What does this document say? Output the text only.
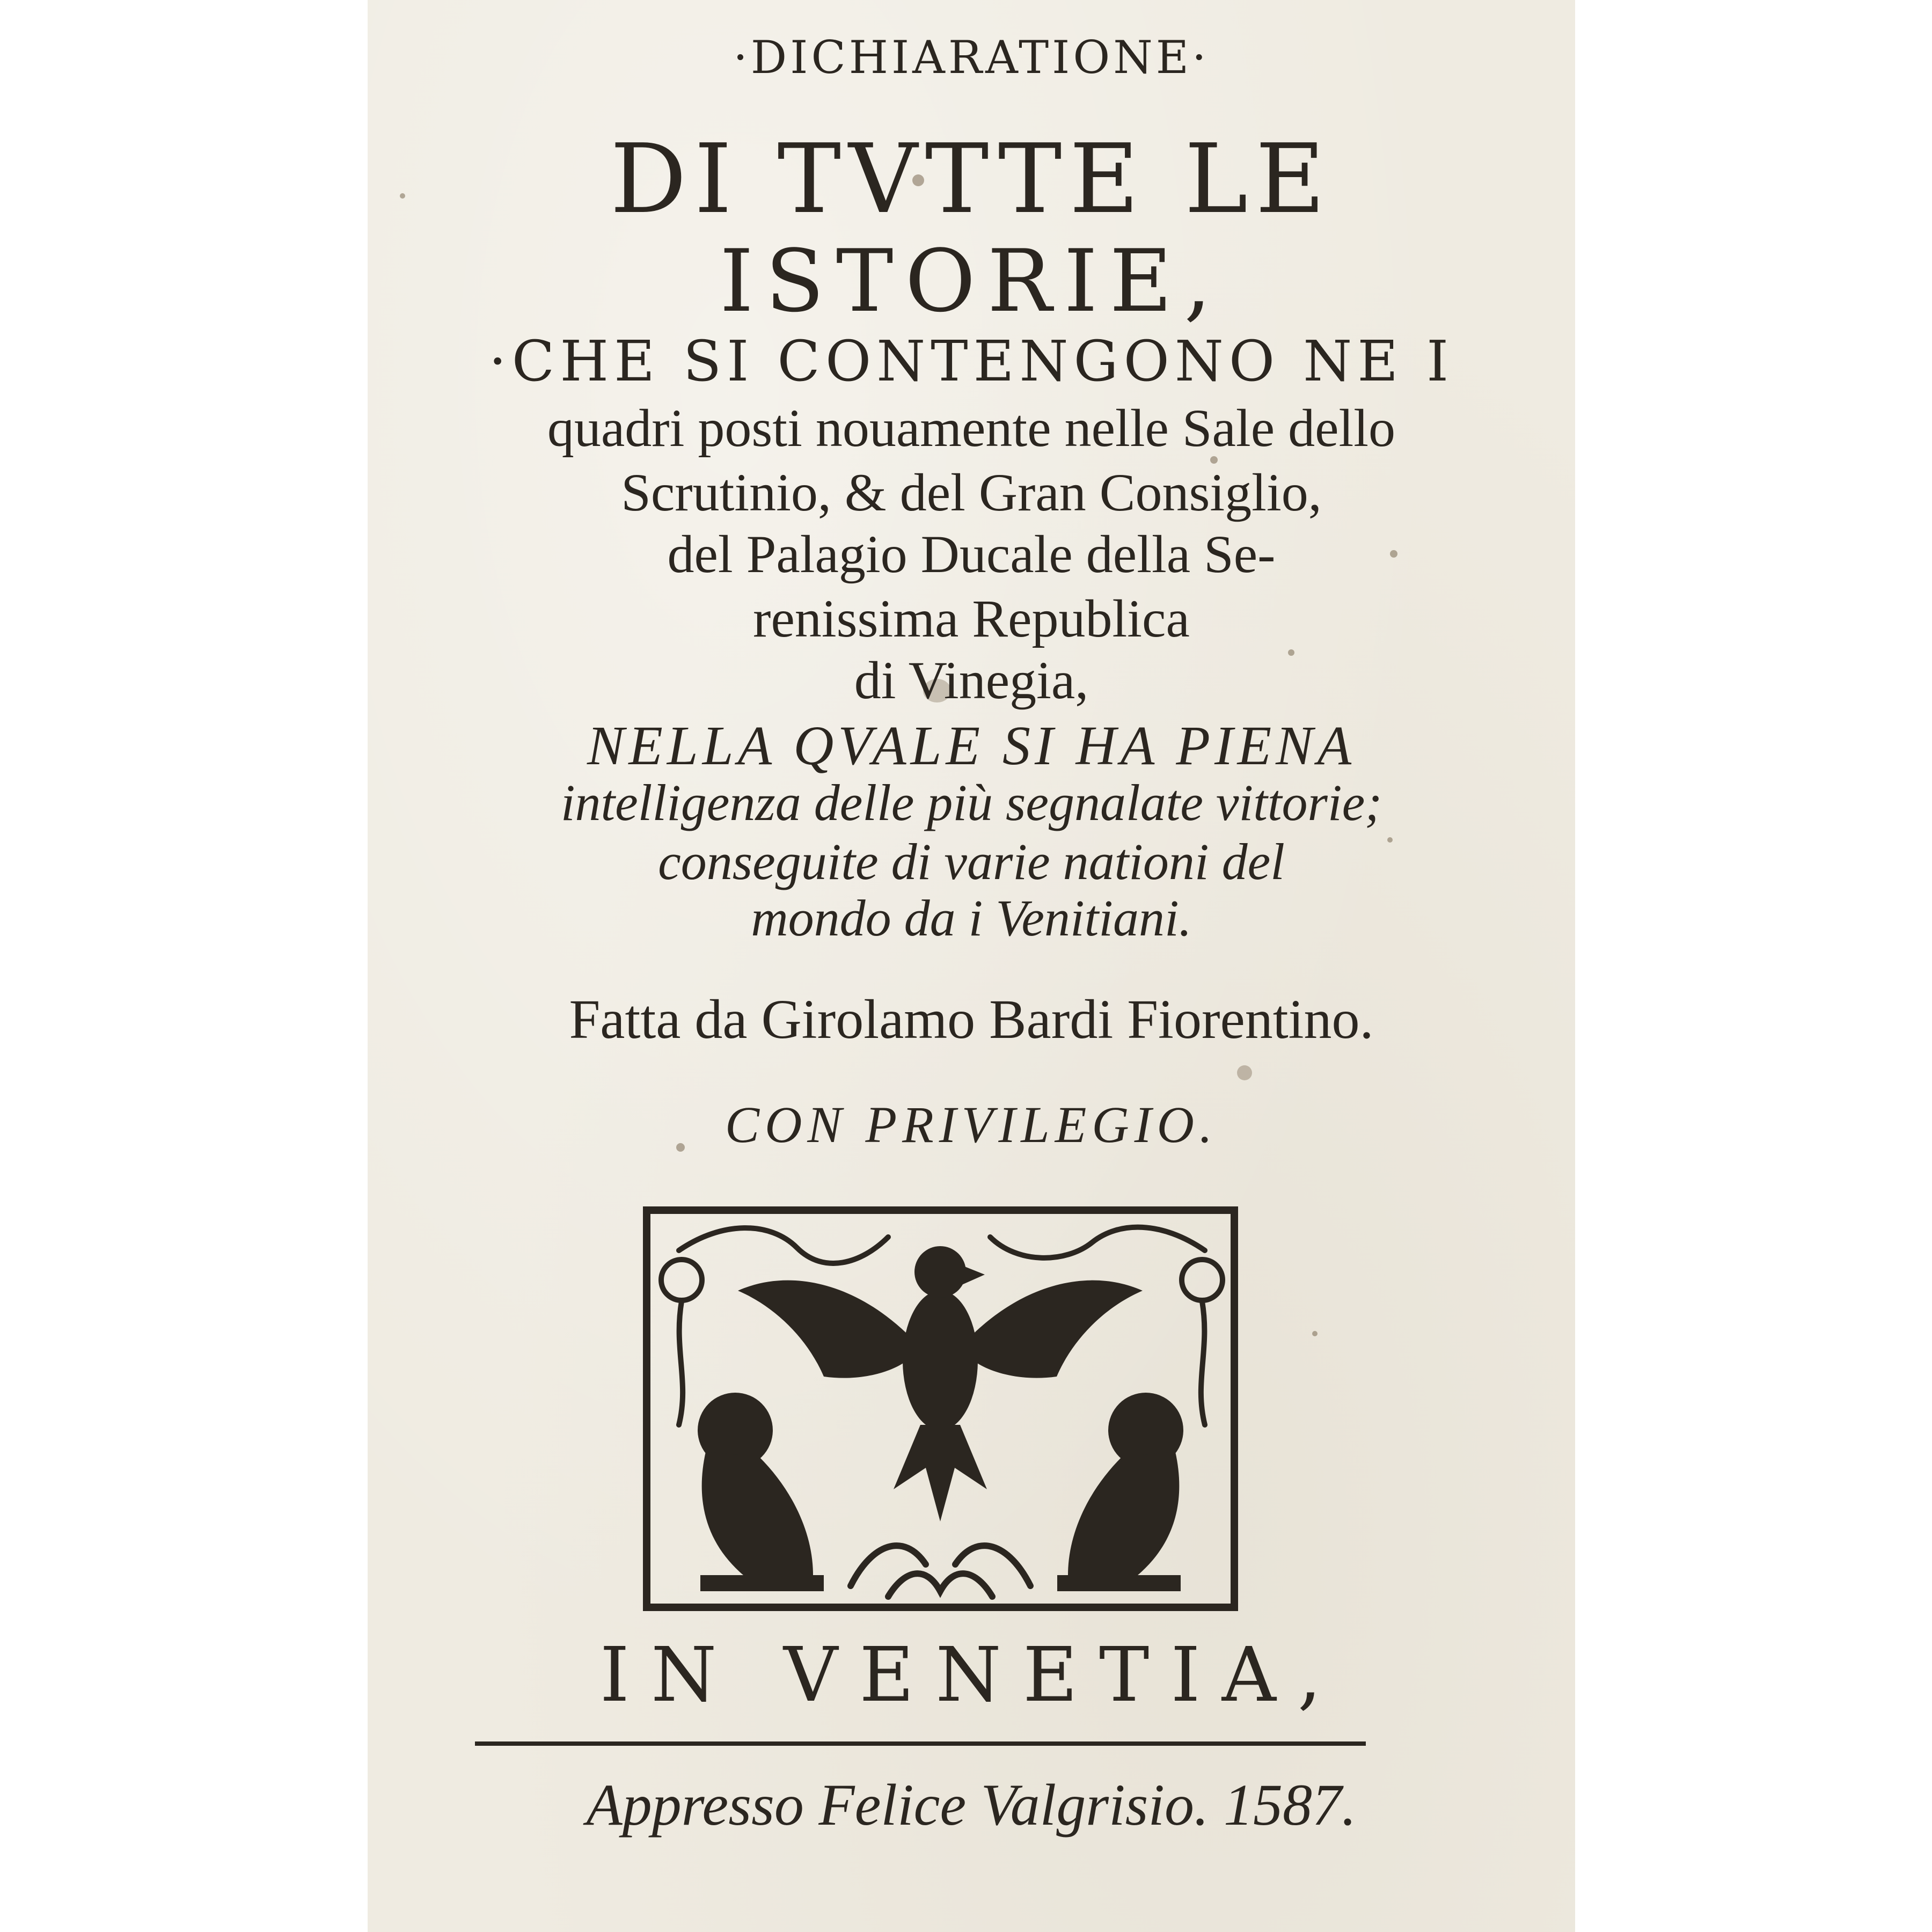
·DICHIARATIONE·

DI TVTTE LE

ISTORIE,

·CHE SI CONTENGONO NE I

quadri posti nouamente nelle Sale dello

Scrutinio, & del Gran Consiglio,

del Palagio Ducale della Se-

renissima Republica

di Vinegia,

NELLA QVALE SI HA PIENA

intelligenza delle più segnalate vittorie;

conseguite di varie nationi del

mondo da i Venitiani.

Fatta da Girolamo Bardi Fiorentino.

CON PRIVILEGIO.

IN VENETIA,

Appresso Felice Valgrisio. 1587.
